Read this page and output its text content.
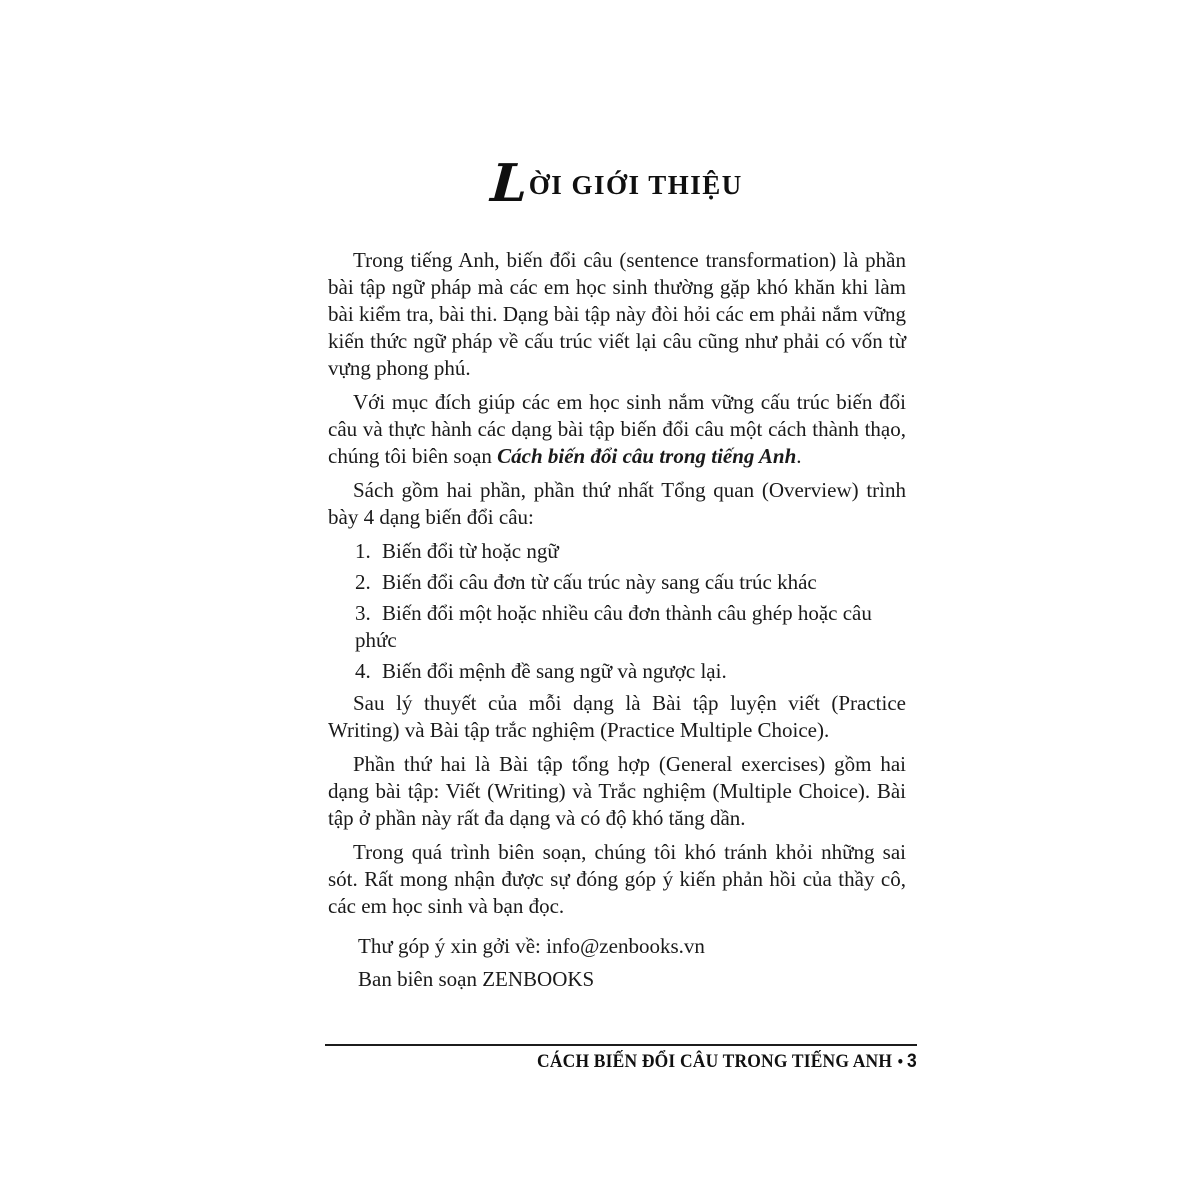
LỜI GIỚI THIỆU

Trong tiếng Anh, biến đổi câu (sentence transformation) là phần bài tập ngữ pháp mà các em học sinh thường gặp khó khăn khi làm bài kiểm tra, bài thi. Dạng bài tập này đòi hỏi các em phải nắm vững kiến thức ngữ pháp về cấu trúc viết lại câu cũng như phải có vốn từ vựng phong phú.

Với mục đích giúp các em học sinh nắm vững cấu trúc biến đổi câu và thực hành các dạng bài tập biến đổi câu một cách thành thạo, chúng tôi biên soạn Cách biến đổi câu trong tiếng Anh.

Sách gồm hai phần, phần thứ nhất Tổng quan (Overview) trình bày 4 dạng biến đổi câu:

1. Biến đổi từ hoặc ngữ
2. Biến đổi câu đơn từ cấu trúc này sang cấu trúc khác
3. Biến đổi một hoặc nhiều câu đơn thành câu ghép hoặc câu phức
4. Biến đổi mệnh đề sang ngữ và ngược lại.

Sau lý thuyết của mỗi dạng là Bài tập luyện viết (Practice Writing) và Bài tập trắc nghiệm (Practice Multiple Choice).

Phần thứ hai là Bài tập tổng hợp (General exercises) gồm hai dạng bài tập: Viết (Writing) và Trắc nghiệm (Multiple Choice). Bài tập ở phần này rất đa dạng và có độ khó tăng dần.

Trong quá trình biên soạn, chúng tôi khó tránh khỏi những sai sót. Rất mong nhận được sự đóng góp ý kiến phản hồi của thầy cô, các em học sinh và bạn đọc.

Thư góp ý xin gởi về: info@zenbooks.vn

Ban biên soạn ZENBOOKS

CÁCH BIẾN ĐỔI CÂU TRONG TIẾNG ANH • 3
